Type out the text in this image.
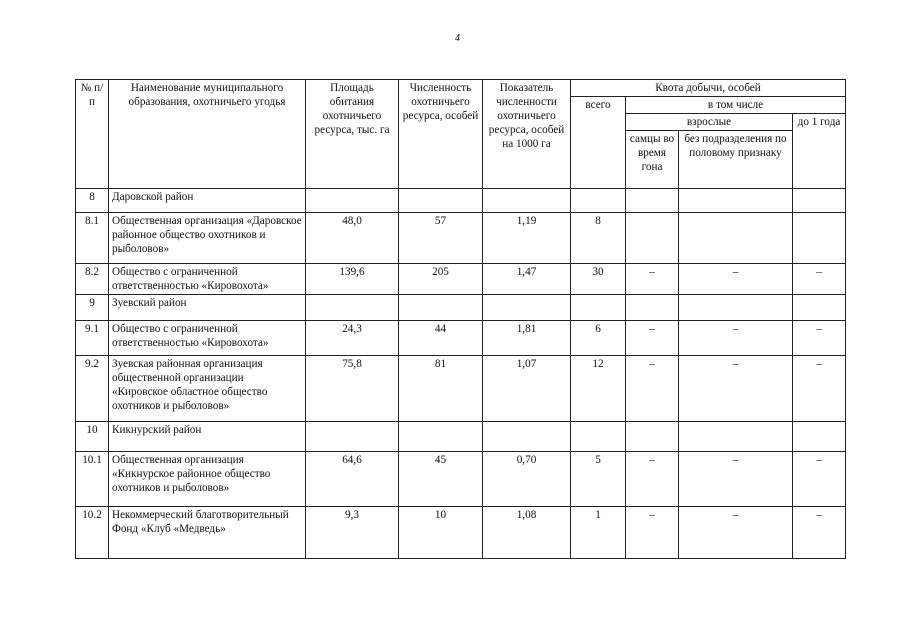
4
№ п/п	Наименование муниципального образования, охотничьего угодья	Площадь обитания охотничьего ресурса, тыс. га	Численность охотничьего ресурса, особей	Показатель численности охотничьего ресурса, особей на 1000 га	Квота добычи, особей			
					всего	в том числе		
						взрослые		до 1 года
						самцы во время гона	без подразделения по половому признаку	
8	Даровской район							
8.1	Общественная организация «Даровское районное общество охотников и рыболовов»	48,0	57	1,19	8			
8.2	Общество с ограниченной ответственностью «Кировохота»	139,6	205	1,47	30	–	–	–
9	Зуевский район							
9.1	Общество с ограниченной ответственностью «Кировохота»	24,3	44	1,81	6	–	–	–
9.2	Зуевская районная организация общественной организации «Кировское областное общество охотников и рыболовов»	75,8	81	1,07	12	–	–	–
10	Кикнурский район							
10.1	Общественная организация «Кикнурское районное общество охотников и рыболовов»	64,6	45	0,70	5	–	–	–
10.2	Некоммерческий благотворительный Фонд «Клуб «Медведь»	9,3	10	1,08	1	–	–	–
